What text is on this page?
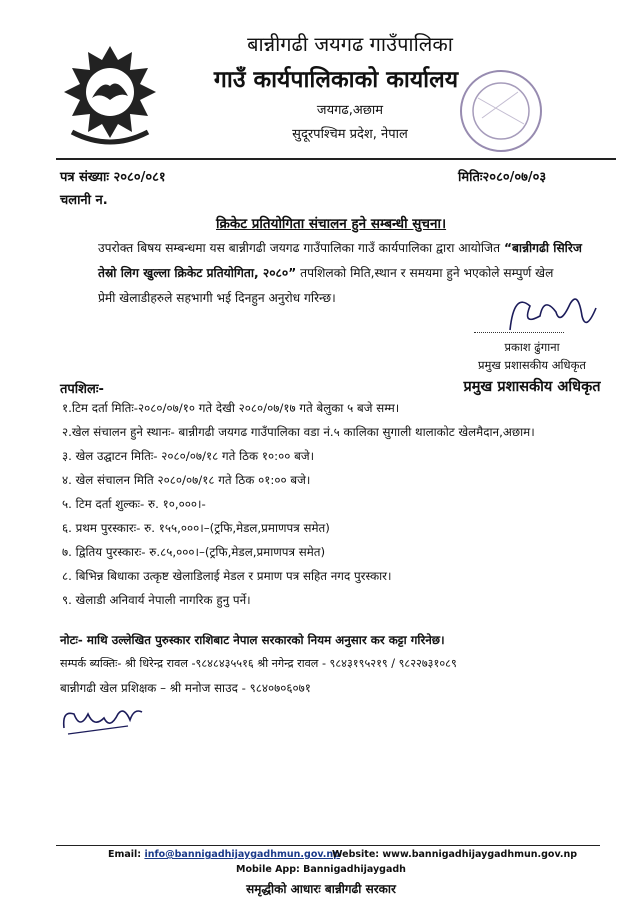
बान्नीगढी जयगढ गाउँपालिका
गाउँ कार्यपालिकाको कार्यालय
जयगढ,अछाम
सुदूरपश्चिम प्रदेश, नेपाल
पत्र संख्याः २०८०/०८१
चलानी न.
मितिः२०८०/०७/०३
क्रिकेट प्रतियोगिता संचालन हुने सम्बन्धी सुचना।
उपरोक्त बिषय सम्बन्धमा यस बान्नीगढी जयगढ गाउँपालिका गाउँ कार्यपालिका द्वारा आयोजित “बान्नीगढी सिरिज
तेस्रो लिग खुल्ला क्रिकेट प्रतियोगिता, २०८०” तपशिलको मिति,स्थान र समयमा हुने भएकोले सम्पुर्ण खेल
प्रेमी खेलाडीहरुले सहभागी भई दिनहुन अनुरोध गरिन्छ।
प्रकाश ढुंगाना
प्रमुख प्रशासकीय अधिकृत
प्रमुख प्रशासकीय अधिकृत
तपशिलः-
१.टिम दर्ता मितिः-२०८०/०७/१० गते देखी २०८०/०७/१७ गते बेलुका ५ बजे सम्म।
२.खेल संचालन हुने स्थानः- बान्नीगढी जयगढ गाउँपालिका वडा नं.५ कालिका सुगाली थालाकोट खेलमैदान,अछाम।
३. खेल उद्घाटन मितिः- २०८०/०७/१८ गते ठिक १०:०० बजे।
४. खेल संचालन मिति २०८०/०७/१८ गते ठिक ०१:०० बजे।
५. टिम दर्ता शुल्कः- रु. १०,०००।-
६. प्रथम पुरस्कारः- रु. १५५,०००।–(ट्रफि,मेडल,प्रमाणपत्र समेत)
७. द्वितिय पुरस्कारः- रु.८५,०००।–(ट्रफि,मेडल,प्रमाणपत्र समेत)
८. बिभिन्न बिधाका उत्कृष्ट खेलाडिलाई मेडल र प्रमाण पत्र सहित नगद पुरस्कार।
९. खेलाडी अनिवार्य नेपाली नागरिक हुनु पर्ने।
नोटः- माथि उल्लेखित पुरुस्कार राशिबाट नेपाल सरकारको नियम अनुसार कर कट्टा गरिनेछ।
सम्पर्क ब्यक्तिः- श्री धिरेन्द्र रावल -९८४८४३५५१६ श्री नगेन्द्र रावल - ९८४३१९५२१९ / ९८२२७३१०८९
बान्नीगढी खेल प्रशिक्षक – श्री मनोज साउद - ९८४०७०६०७१
Email: info@bannigadhijaygadhmun.gov.np
Website: www.bannigadhijaygadhmun.gov.np
Mobile App: Bannigadhijaygadh
समृद्धीको आधारः बान्नीगढी सरकार
